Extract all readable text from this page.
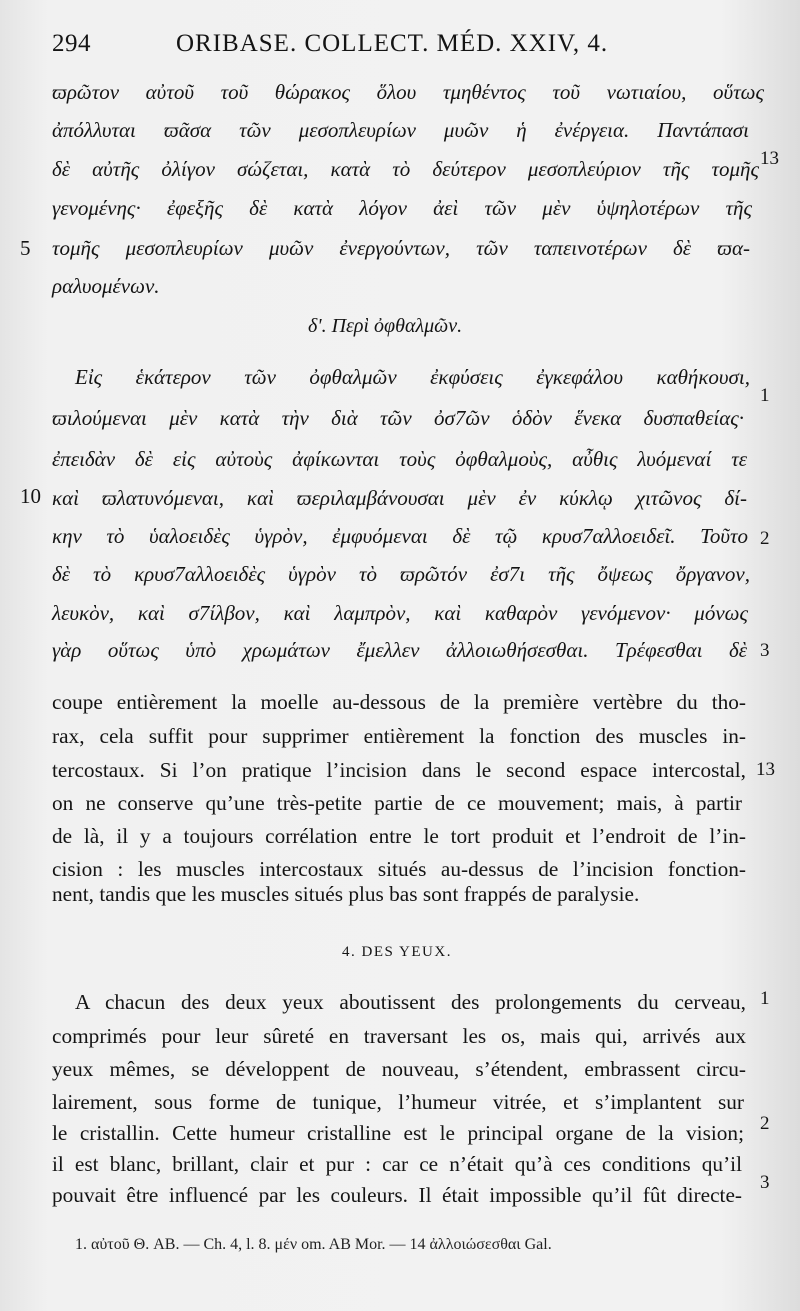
294	ORIBASE. COLLECT. MÉD. XXIV, 4.
ϖρῶτον αὐτοῦ τοῦ θώρακος ὅλου τμηθέντος τοῦ νωτιαίου, οὕτως
ἀπόλλυται ϖᾶσα τῶν μεσοπλευρίων μυῶν ἡ ἐνέργεια. Παντάπασι
δὲ αὐτῆς ὀλίγον σώζεται, κατὰ τὸ δεύτερον μεσοπλεύριον τῆς τομῆς
γενομένης· ἐφεξῆς δὲ κατὰ λόγον ἀεὶ τῶν μὲν ὑψηλοτέρων τῆς
τομῆς μεσοπλευρίων μυῶν ἐνεργούντων, τῶν ταπεινοτέρων δὲ ϖα-
ραλυομένων.
δ'. Περὶ ὀφθαλμῶν.
Εἰς ἑκάτερον τῶν ὀφθαλμῶν ἐκφύσεις ἐγκεφάλου καθήκουσι,
ϖιλούμεναι μὲν κατὰ τὴν διὰ τῶν ὀσ7ῶν ὁδὸν ἕνεκα δυσπαθείας·
ἐπειδὰν δὲ εἰς αὐτοὺς ἀφίκωνται τοὺς ὀφθαλμοὺς, αὖθις λυόμεναί τε
καὶ ϖλατυνόμεναι, καὶ ϖεριλαμβάνουσαι μὲν ἐν κύκλῳ χιτῶνος δί-
κην τὸ ὑαλοειδὲς ὑγρὸν, ἐμφυόμεναι δὲ τῷ κρυσ7αλλοειδεῖ. Τοῦτο
δὲ τὸ κρυσ7αλλοειδὲς ὑγρὸν τὸ ϖρῶτόν ἐσ7ι τῆς ὄψεως ὄργανον,
λευκὸν, καὶ σ7ίλβον, καὶ λαμπρὸν, καὶ καθαρὸν γενόμενον· μόνως
γὰρ οὕτως ὑπὸ χρωμάτων ἔμελλεν ἀλλοιωθήσεσθαι. Τρέφεσθαι δὲ
coupe entièrement la moelle au-dessous de la première vertèbre du tho-
rax, cela suffit pour supprimer entièrement la fonction des muscles in-
tercostaux. Si l’on pratique l’incision dans le second espace intercostal,
on ne conserve qu’une très-petite partie de ce mouvement; mais, à partir
de là, il y a toujours corrélation entre le tort produit et l’endroit de l’in-
cision : les muscles intercostaux situés au-dessus de l’incision fonction-
nent, tandis que les muscles situés plus bas sont frappés de paralysie.
4. DES YEUX.
A chacun des deux yeux aboutissent des prolongements du cerveau,
comprimés pour leur sûreté en traversant les os, mais qui, arrivés aux
yeux mêmes, se développent de nouveau, s’étendent, embrassent circu-
lairement, sous forme de tunique, l’humeur vitrée, et s’implantent sur
le cristallin. Cette humeur cristalline est le principal organe de la vision;
il est blanc, brillant, clair et pur : car ce n’était qu’à ces conditions qu’il
pouvait être influencé par les couleurs. Il était impossible qu’il fût directe-
5
10
13
1
2
3
13
1
2
3
1. αὐτοῦ Θ. AB. — Ch. 4, l. 8. μέν om. AB Mor. — 14 ἀλλοιώσεσθαι Gal.
